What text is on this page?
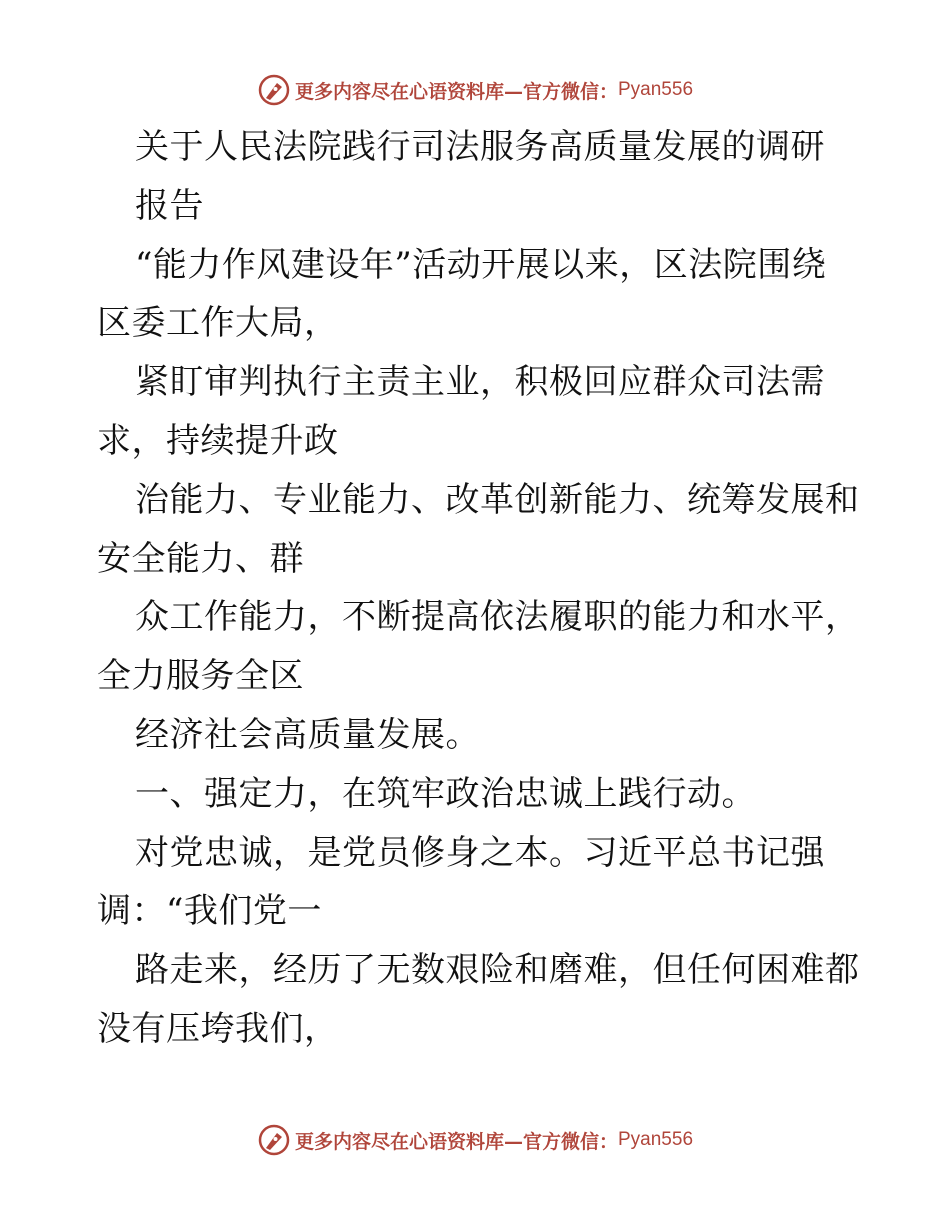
更多内容尽在心语资料库—官方微信： Pyan556
关于人民法院践行司法服务高质量发展的调研
报告
“能力作风建设年”活动开展以来，区法院围绕
区委工作大局，
紧盯审判执行主责主业，积极回应群众司法需
求，持续提升政
治能力、专业能力、改革创新能力、统筹发展和
安全能力、群
众工作能力，不断提高依法履职的能力和水平，
全力服务全区
经济社会高质量发展。
一、强定力，在筑牢政治忠诚上践行动。
对党忠诚，是党员修身之本。习近平总书记强
调：“我们党一
路走来，经历了无数艰险和磨难，但任何困难都
没有压垮我们，
更多内容尽在心语资料库—官方微信： Pyan556
